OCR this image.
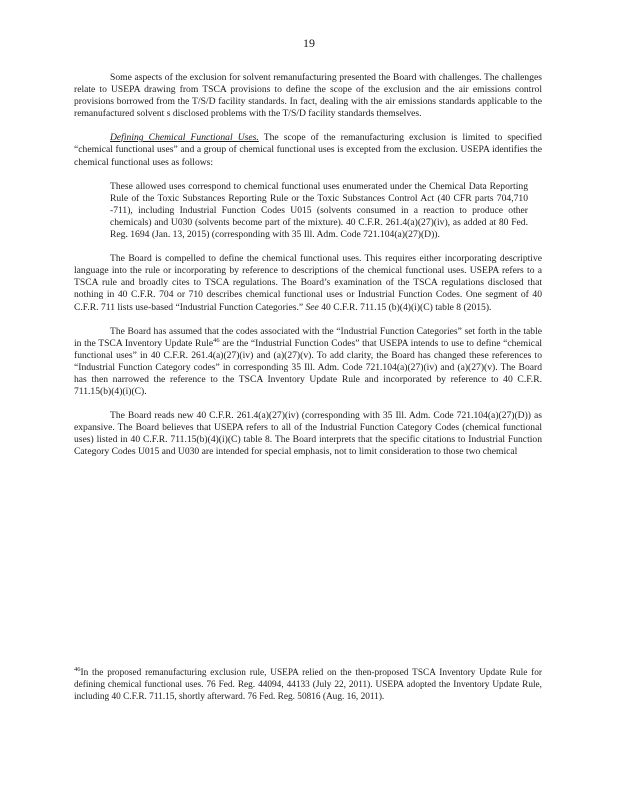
19

Some aspects of the exclusion for solvent remanufacturing presented the Board with challenges. The challenges relate to USEPA drawing from TSCA provisions to define the scope of the exclusion and the air emissions control provisions borrowed from the T/S/D facility standards. In fact, dealing with the air emissions standards applicable to the remanufactured solvent s disclosed problems with the T/S/D facility standards themselves.

Defining Chemical Functional Uses. The scope of the remanufacturing exclusion is limited to specified “chemical functional uses” and a group of chemical functional uses is excepted from the exclusion. USEPA identifies the chemical functional uses as follows:

These allowed uses correspond to chemical functional uses enumerated under the Chemical Data Reporting Rule of the Toxic Substances Reporting Rule or the Toxic Substances Control Act (40 CFR parts 704,710 -711), including Industrial Function Codes U015 (solvents consumed in a reaction to produce other chemicals) and U030 (solvents become part of the mixture). 40 C.F.R. 261.4(a)(27)(iv), as added at 80 Fed. Reg. 1694 (Jan. 13, 2015) (corresponding with 35 Ill. Adm. Code 721.104(a)(27)(D)).

The Board is compelled to define the chemical functional uses. This requires either incorporating descriptive language into the rule or incorporating by reference to descriptions of the chemical functional uses. USEPA refers to a TSCA rule and broadly cites to TSCA regulations. The Board’s examination of the TSCA regulations disclosed that nothing in 40 C.F.R. 704 or 710 describes chemical functional uses or Industrial Function Codes. One segment of 40 C.F.R. 711 lists use-based “Industrial Function Categories.” See 40 C.F.R. 711.15 (b)(4)(i)(C) table 8 (2015).

The Board has assumed that the codes associated with the “Industrial Function Categories” set forth in the table in the TSCA Inventory Update Rule$^{46}$ are the “Industrial Function Codes” that USEPA intends to use to define “chemical functional uses” in 40 C.F.R. 261.4(a)(27)(iv) and (a)(27)(v). To add clarity, the Board has changed these references to “Industrial Function Category codes” in corresponding 35 Ill. Adm. Code 721.104(a)(27)(iv) and (a)(27)(v). The Board has then narrowed the reference to the TSCA Inventory Update Rule and incorporated by reference to 40 C.F.R. 711.15(b)(4)(i)(C).

The Board reads new 40 C.F.R. 261.4(a)(27)(iv) (corresponding with 35 Ill. Adm. Code 721.104(a)(27)(D)) as expansive. The Board believes that USEPA refers to all of the Industrial Function Category Codes (chemical functional uses) listed in 40 C.F.R. 711.15(b)(4)(i)(C) table 8. The Board interprets that the specific citations to Industrial Function Category Codes U015 and U030 are intended for special emphasis, not to limit consideration to those two chemical

$^{46}$In the proposed remanufacturing exclusion rule, USEPA relied on the then-proposed TSCA Inventory Update Rule for defining chemical functional uses. 76 Fed. Reg. 44094, 44133 (July 22, 2011). USEPA adopted the Inventory Update Rule, including 40 C.F.R. 711.15, shortly afterward. 76 Fed. Reg. 50816 (Aug. 16, 2011).
